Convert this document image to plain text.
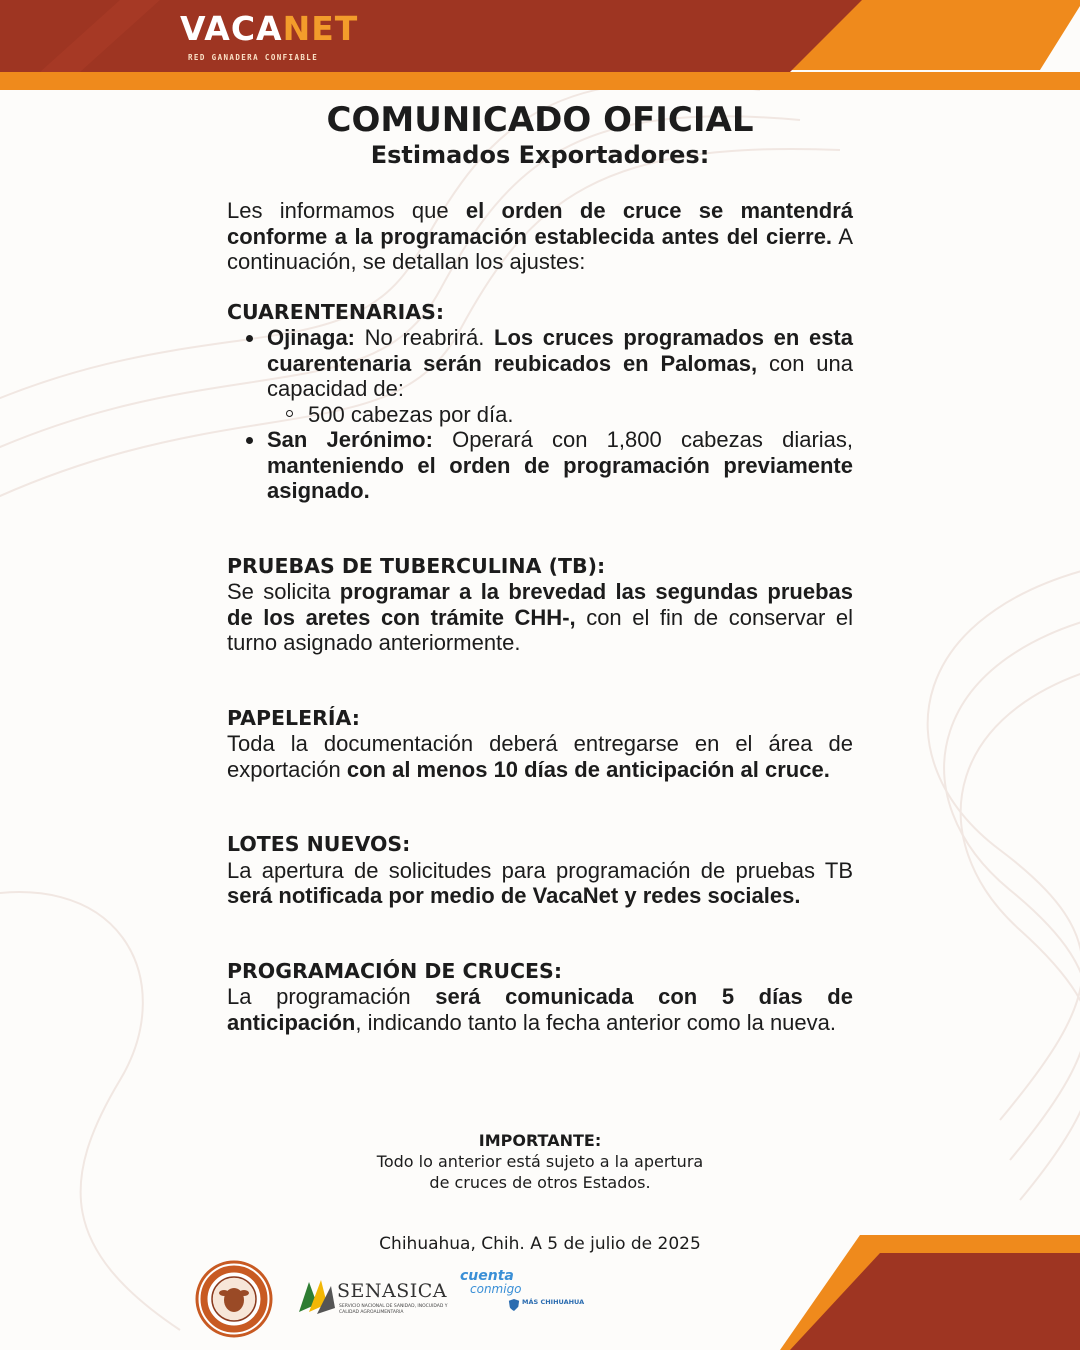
VACANET
RED GANADERA CONFIABLE
COMUNICADO OFICIAL
Estimados Exportadores:

Les informamos que el orden de cruce se mantendrá conforme a la programación establecida antes del cierre. A continuación, se detallan los ajustes:

CUARENTENARIAS:
Ojinaga: No reabrirá. Los cruces programados en esta cuarentenaria serán reubicados en Palomas, con una capacidad de:
500 cabezas por día.
San Jerónimo: Operará con 1,800 cabezas diarias, manteniendo el orden de programación previamente asignado.
PRUEBAS DE TUBERCULINA (TB):

Se solicita programar a la brevedad las segundas pruebas de los aretes con trámite CHH-, con el fin de conservar el turno asignado anteriormente.

PAPELERÍA:

Toda la documentación deberá entregarse en el área de exportación con al menos 10 días de anticipación al cruce.

LOTES NUEVOS:

La apertura de solicitudes para programación de pruebas TB será notificada por medio de VacaNet y redes sociales.

PROGRAMACIÓN DE CRUCES:

La programación será comunicada con 5 días de anticipación, indicando tanto la fecha anterior como la nueva.

IMPORTANTE:
Todo lo anterior está sujeto a la apertura
de cruces de otros Estados.
Chihuahua, Chih. A 5 de julio de 2025
SENASICA
SERVICIO NACIONAL DE SANIDAD, INOCUIDAD Y CALIDAD AGROALIMENTARIA
cuenta
conmigo
MÁS CHIHUAHUA
